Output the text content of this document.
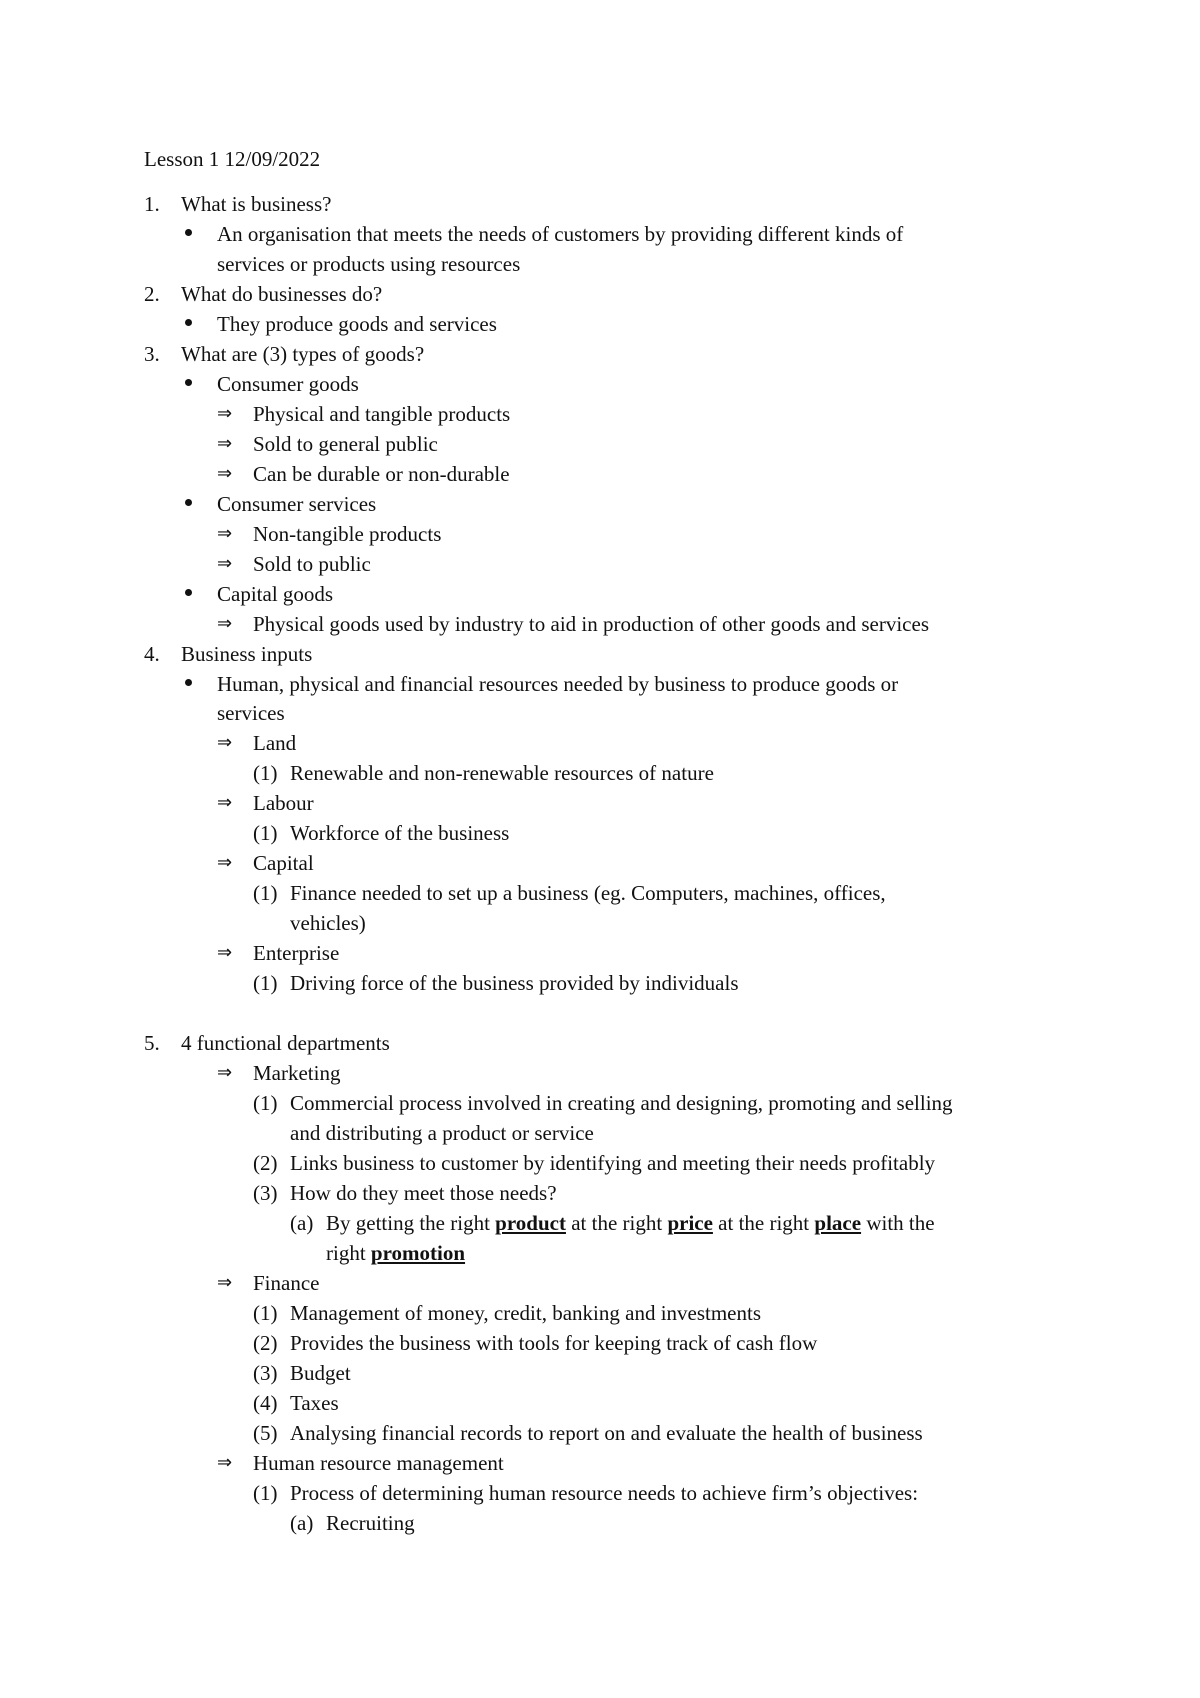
Lesson 1 12/09/2022
1. What is business?
An organisation that meets the needs of customers by providing different kinds of
services or products using resources
2. What do businesses do?
They produce goods and services
3. What are (3) types of goods?
Consumer goods
⇒ Physical and tangible products
⇒ Sold to general public
⇒ Can be durable or non-durable
Consumer services
⇒ Non-tangible products
⇒ Sold to public
Capital goods
⇒ Physical goods used by industry to aid in production of other goods and services
4. Business inputs
Human, physical and financial resources needed by business to produce goods or
services
⇒ Land
(1) Renewable and non-renewable resources of nature
⇒ Labour
(1) Workforce of the business
⇒ Capital
(1) Finance needed to set up a business (eg. Computers, machines, offices,
vehicles)
⇒ Enterprise
(1) Driving force of the business provided by individuals
5. 4 functional departments
⇒ Marketing
(1) Commercial process involved in creating and designing, promoting and selling
and distributing a product or service
(2) Links business to customer by identifying and meeting their needs profitably
(3) How do they meet those needs?
(a) By getting the right product at the right price at the right place with the
right promotion
⇒ Finance
(1) Management of money, credit, banking and investments
(2) Provides the business with tools for keeping track of cash flow
(3) Budget
(4) Taxes
(5) Analysing financial records to report on and evaluate the health of business
⇒ Human resource management
(1) Process of determining human resource needs to achieve firm’s objectives:
(a) Recruiting
